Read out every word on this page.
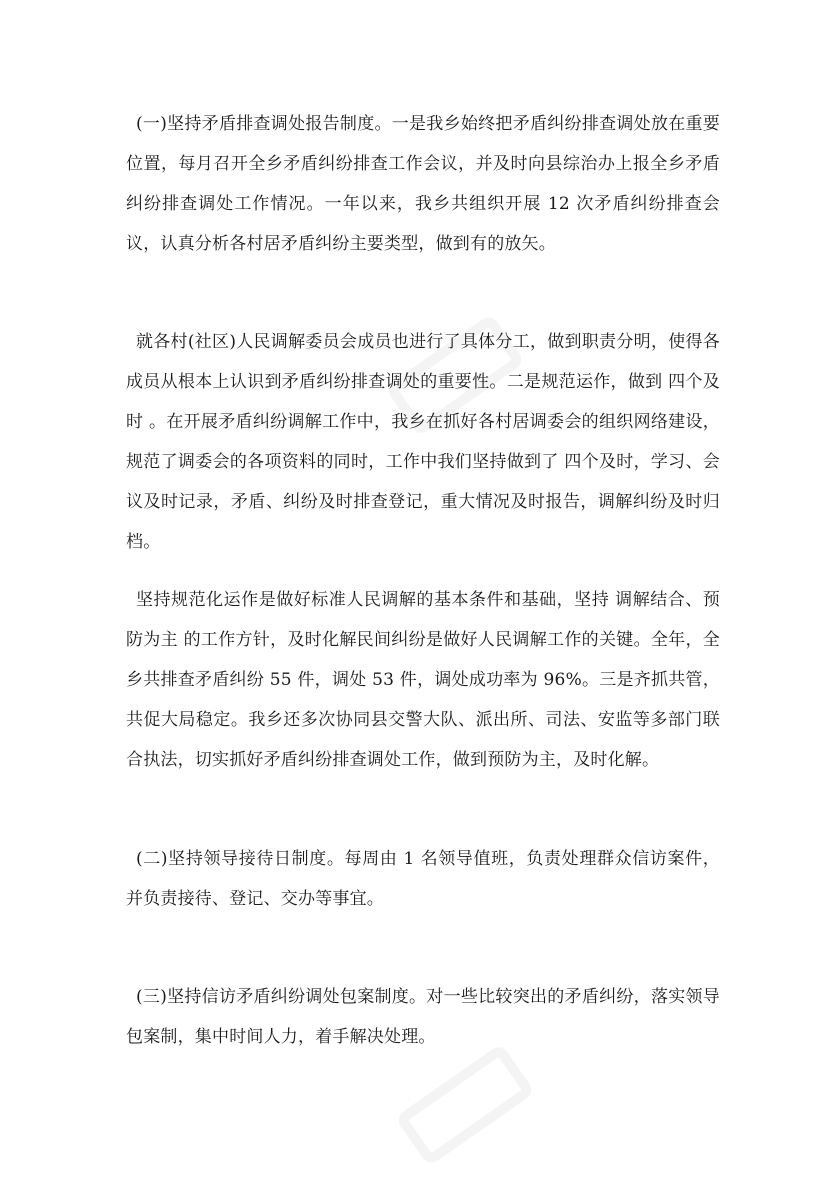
(一)坚持矛盾排查调处报告制度。一是我乡始终把矛盾纠纷排查调处放在重要位置，每月召开全乡矛盾纠纷排查工作会议，并及时向县综治办上报全乡矛盾纠纷排查调处工作情况。一年以来，我乡共组织开展 12 次矛盾纠纷排查会议，认真分析各村居矛盾纠纷主要类型，做到有的放矢。

就各村(社区)人民调解委员会成员也进行了具体分工，做到职责分明，使得各成员从根本上认识到矛盾纠纷排查调处的重要性。二是规范运作，做到 四个及时 。在开展矛盾纠纷调解工作中，我乡在抓好各村居调委会的组织网络建设，规范了调委会的各项资料的同时，工作中我们坚持做到了 四个及时，学习、会议及时记录，矛盾、纠纷及时排查登记，重大情况及时报告，调解纠纷及时归档。

坚持规范化运作是做好标准人民调解的基本条件和基础，坚持 调解结合、预防为主 的工作方针，及时化解民间纠纷是做好人民调解工作的关键。全年，全乡共排查矛盾纠纷 55 件，调处 53 件，调处成功率为 96%。三是齐抓共管，共促大局稳定。我乡还多次协同县交警大队、派出所、司法、安监等多部门联合执法，切实抓好矛盾纠纷排查调处工作，做到预防为主，及时化解。

(二)坚持领导接待日制度。每周由 1 名领导值班，负责处理群众信访案件，并负责接待、登记、交办等事宜。

(三)坚持信访矛盾纠纷调处包案制度。对一些比较突出的矛盾纠纷，落实领导包案制，集中时间人力，着手解决处理。
